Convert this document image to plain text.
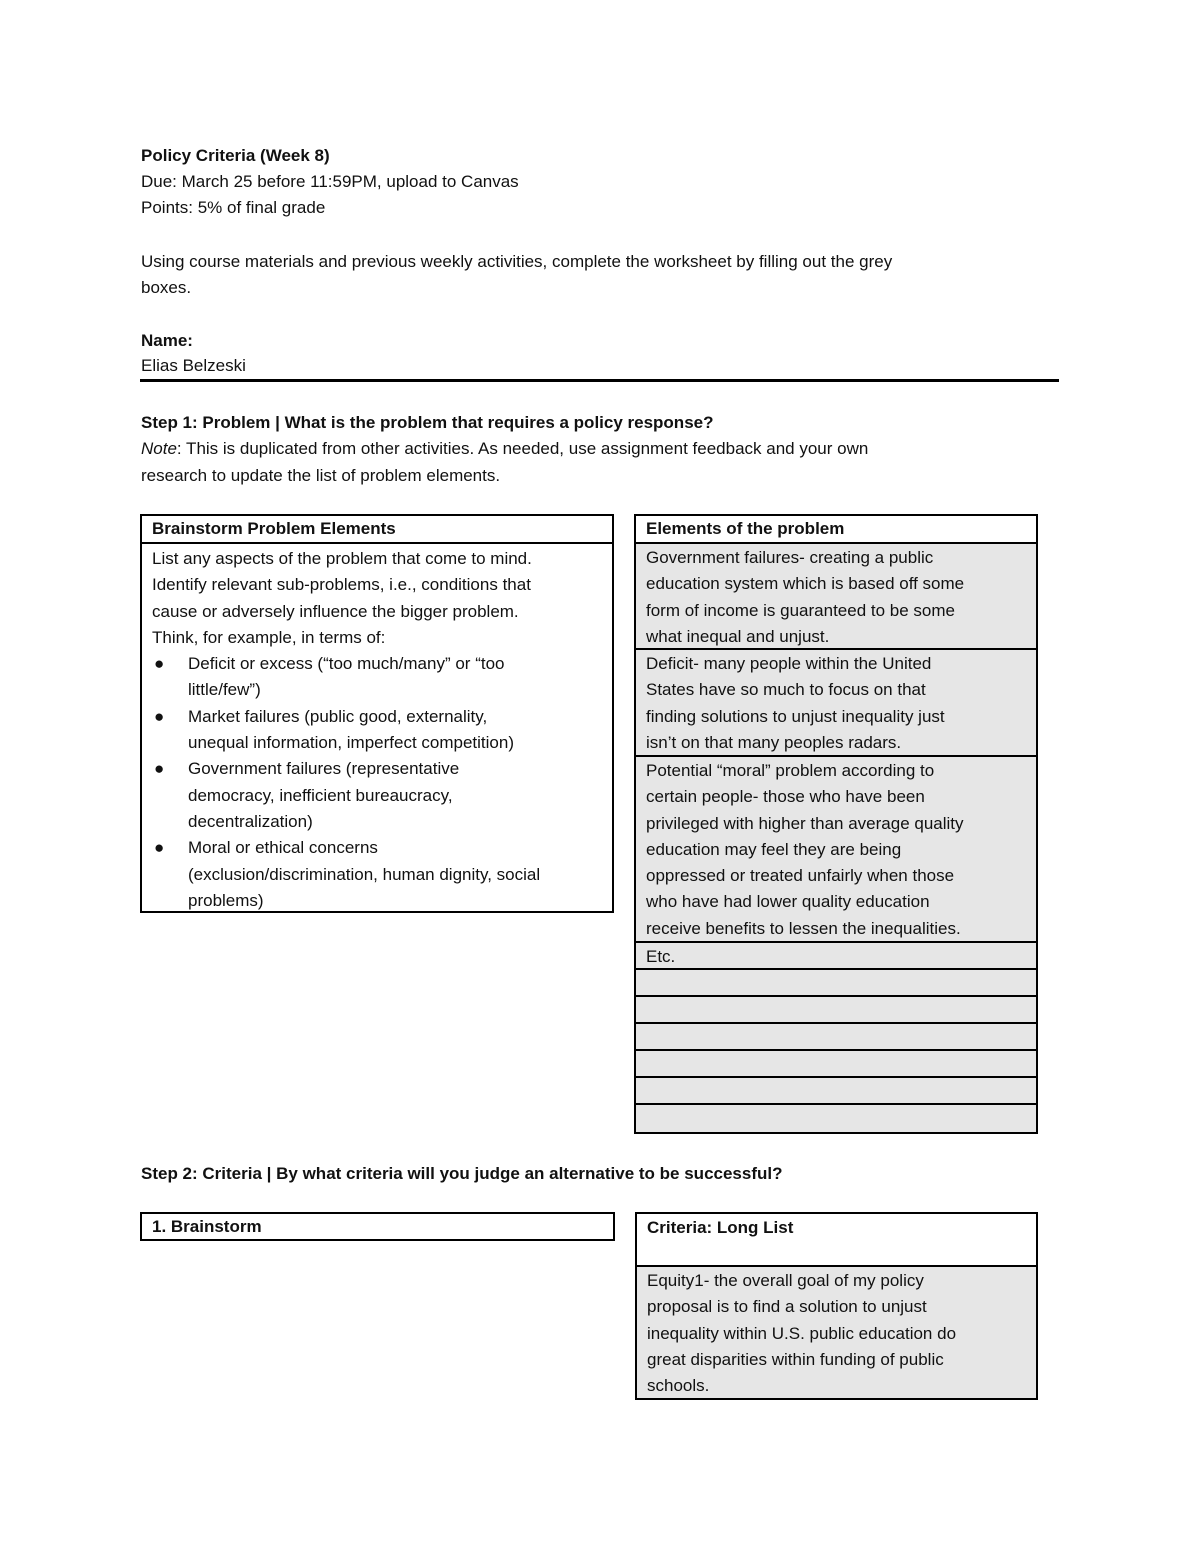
Policy Criteria (Week 8)
Due: March 25 before 11:59PM, upload to Canvas
Points: 5% of final grade
Using course materials and previous weekly activities, complete the worksheet by filling out the grey
boxes.
Name:
Elias Belzeski
Step 1: Problem | What is the problem that requires a policy response?
Note: This is duplicated from other activities. As needed, use assignment feedback and your own
research to update the list of problem elements.
Brainstorm Problem Elements
List any aspects of the problem that come to mind.
Identify relevant sub-problems, i.e., conditions that
cause or adversely influence the bigger problem.
Think, for example, in terms of:
● Deficit or excess (“too much/many” or “too
little/few”)
● Market failures (public good, externality,
unequal information, imperfect competition)
● Government failures (representative
democracy, inefficient bureaucracy,
decentralization)
● Moral or ethical concerns
(exclusion/discrimination, human dignity, social
problems)
Elements of the problem
Government failures- creating a public
education system which is based off some
form of income is guaranteed to be some
what inequal and unjust.
Deficit- many people within the United
States have so much to focus on that
finding solutions to unjust inequality just
isn’t on that many peoples radars.
Potential “moral” problem according to
certain people- those who have been
privileged with higher than average quality
education may feel they are being
oppressed or treated unfairly when those
who have had lower quality education
receive benefits to lessen the inequalities.
Etc.
Step 2: Criteria | By what criteria will you judge an alternative to be successful?
1. Brainstorm	Criteria: Long List
Equity1- the overall goal of my policy
proposal is to find a solution to unjust
inequality within U.S. public education do
great disparities within funding of public
schools.
